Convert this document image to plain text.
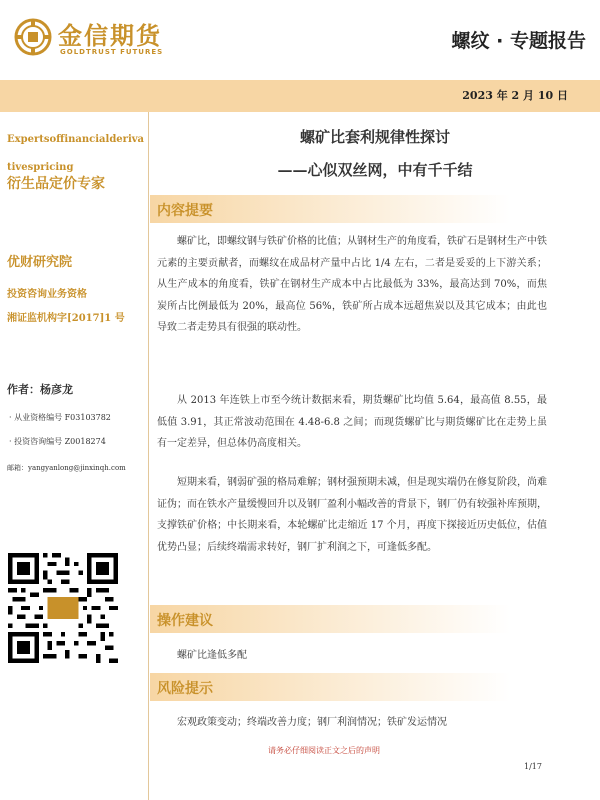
金信期货
GOLDTRUST FUTURES	螺纹 · 专题报告
2023 年 2 月 10 日
Expertsoffinancialderivativespricing
衍生品定价专家
优财研究院
投资咨询业务资格
湘证监机构字[2017]1 号
作者：杨彦龙
· 从业资格编号 F03103782
· 投资咨询编号 Z0018274
邮箱：yangyanlong@jinxinqh.com
螺矿比套利规律性探讨
——心似双丝网，中有千千结
内容提要

螺矿比，即螺纹钢与铁矿价格的比值；从钢材生产的角度看，铁矿石是钢材生产中铁元素的主要贡献者，而螺纹在成品材产量中占比 1/4 左右，二者是妥妥的上下游关系；从生产成本的角度看，铁矿在钢材生产成本中占比最低为 33%，最高达到 70%，而焦炭所占比例最低为 20%，最高位 56%，铁矿所占成本远超焦炭以及其它成本；由此也导致二者走势具有很强的联动性。

从 2013 年连铁上市至今统计数据来看，期货螺矿比均值 5.64，最高值 8.55，最低值 3.91，其正常波动范围在 4.48-6.8 之间；而现货螺矿比与期货螺矿比在走势上虽有一定差异，但总体仍高度相关。

短期来看，钢弱矿强的格局难解；钢材强预期未减，但是现实端仍在修复阶段，尚难证伪；而在铁水产量缓慢回升以及钢厂盈利小幅改善的背景下，钢厂仍有较强补库预期，支撑铁矿价格；中长期来看，本轮螺矿比走缩近 17 个月，再度下探接近历史低位，估值优势凸显；后续终端需求转好，钢厂扩利润之下，可逢低多配。

操作建议
螺矿比逢低多配
风险提示
宏观政策变动；终端改善力度；钢厂利润情况；铁矿发运情况
请务必仔细阅读正文之后的声明
1/17
